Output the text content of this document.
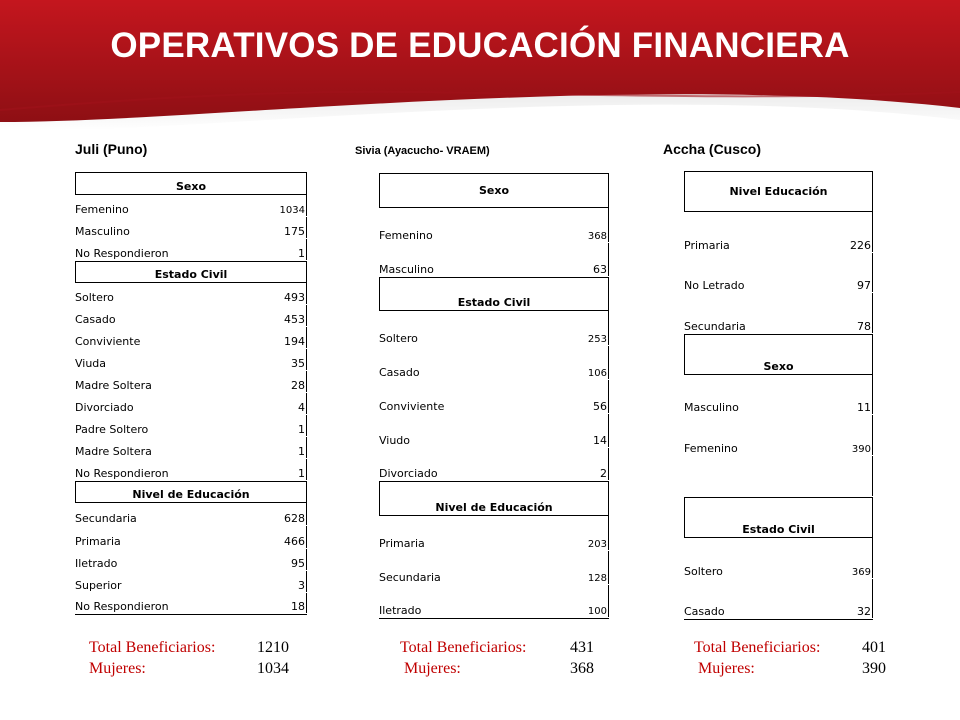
OPERATIVOS DE EDUCACIÓN FINANCIERA
Juli (Puno)
Sexo
Femenino	1034
Masculino	175
No Respondieron	1
Estado Civil
Soltero	493
Casado	453
Conviviente	194
Viuda	35
Madre Soltera	28
Divorciado	4
Padre Soltero	1
Madre Soltera	1
No Respondieron	1
Nivel de Educación
Secundaria	628
Primaria	466
Iletrado	95
Superior	3
No Respondieron	18
Total Beneficiarios:	1210
Mujeres:	1034
Sivia (Ayacucho- VRAEM)
Sexo
Femenino	368
Masculino	63
Estado Civil
Soltero	253
Casado	106
Conviviente	56
Viudo	14
Divorciado	2
Nivel de Educación
Primaria	203
Secundaria	128
Iletrado	100
Total Beneficiarios:	431
Mujeres:	368
Accha (Cusco)
Nivel Educación
Primaria	226
No Letrado	97
Secundaria	78
Sexo
Masculino	11
Femenino	390
Estado Civil
Soltero	369
Casado	32
Total Beneficiarios:	401
Mujeres:	390
